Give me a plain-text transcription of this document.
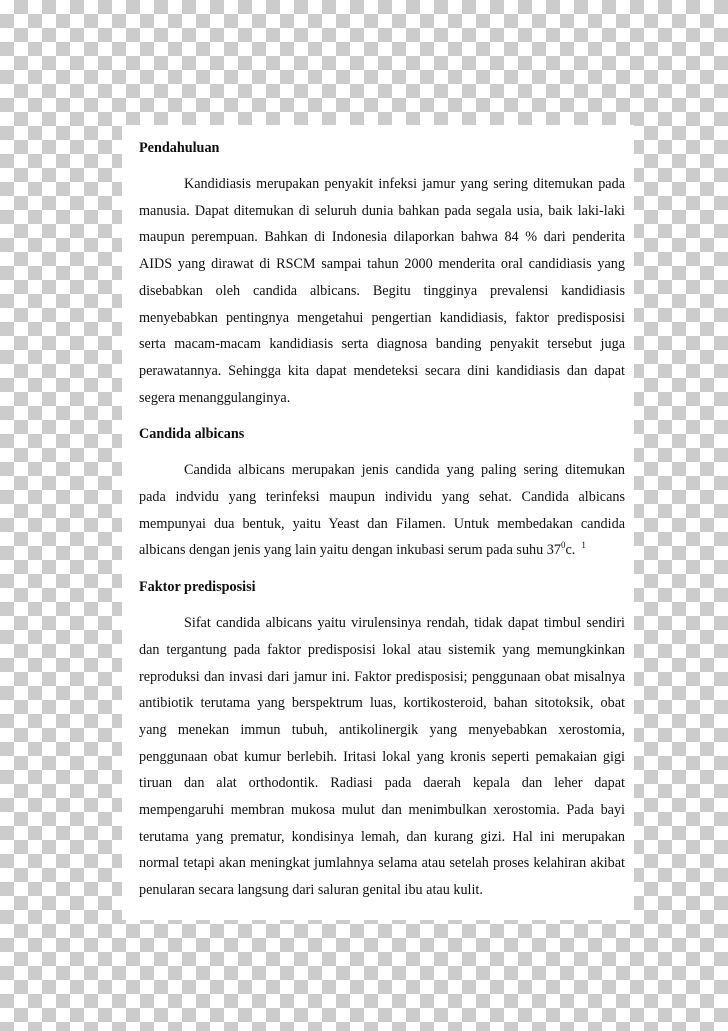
Pendahuluan

Kandidiasis merupakan penyakit infeksi jamur yang sering ditemukan pada manusia. Dapat ditemukan di seluruh dunia bahkan pada segala usia, baik laki-laki maupun perempuan. Bahkan di Indonesia dilaporkan bahwa 84 % dari penderita AIDS yang dirawat di RSCM sampai tahun 2000 menderita oral candidiasis yang disebabkan oleh candida albicans. Begitu tingginya prevalensi kandidiasis menyebabkan pentingnya mengetahui pengertian kandidiasis, faktor predisposisi serta macam-macam kandidiasis serta diagnosa banding penyakit tersebut juga perawatannya. Sehingga kita dapat mendeteksi secara dini kandidiasis dan dapat segera menanggulanginya.

Candida albicans

Candida albicans merupakan jenis candida yang paling sering ditemukan pada indvidu yang terinfeksi maupun individu yang sehat. Candida albicans mempunyai dua bentuk, yaitu Yeast dan Filamen. Untuk membedakan candida albicans dengan jenis yang lain yaitu dengan inkubasi serum pada suhu $37^0c$. $^1$

Faktor predisposisi

Sifat candida albicans yaitu virulensinya rendah, tidak dapat timbul sendiri dan tergantung pada faktor predisposisi lokal atau sistemik yang memungkinkan reproduksi dan invasi dari jamur ini. Faktor predisposisi; penggunaan obat misalnya antibiotik terutama yang berspektrum luas, kortikosteroid, bahan sitotoksik, obat yang menekan immun tubuh, antikolinergik yang menyebabkan xerostomia, penggunaan obat kumur berlebih. Iritasi lokal yang kronis seperti pemakaian gigi tiruan dan alat orthodontik. Radiasi pada daerah kepala dan leher dapat mempengaruhi membran mukosa mulut dan menimbulkan xerostomia. Pada bayi terutama yang prematur, kondisinya lemah, dan kurang gizi. Hal ini merupakan normal tetapi akan meningkat jumlahnya selama atau setelah proses kelahiran akibat penularan secara langsung dari saluran genital ibu atau kulit.
